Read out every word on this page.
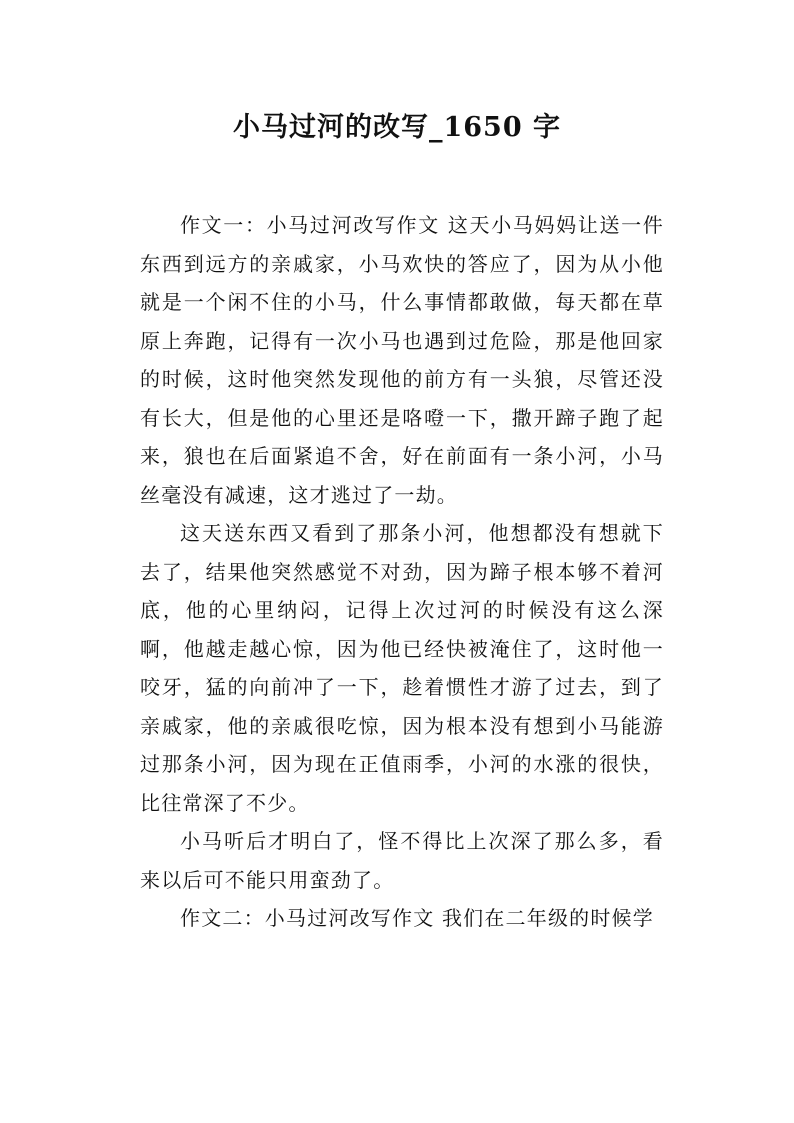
小马过河的改写_1650 字

作文一：小马过河改写作文 这天小马妈妈让送一件东西到远方的亲戚家，小马欢快的答应了，因为从小他就是一个闲不住的小马，什么事情都敢做，每天都在草原上奔跑，记得有一次小马也遇到过危险，那是他回家的时候，这时他突然发现他的前方有一头狼，尽管还没有长大，但是他的心里还是咯噔一下，撒开蹄子跑了起来，狼也在后面紧追不舍，好在前面有一条小河，小马丝毫没有减速，这才逃过了一劫。

这天送东西又看到了那条小河，他想都没有想就下去了，结果他突然感觉不对劲，因为蹄子根本够不着河底，他的心里纳闷，记得上次过河的时候没有这么深啊，他越走越心惊，因为他已经快被淹住了，这时他一咬牙，猛的向前冲了一下，趁着惯性才游了过去，到了亲戚家，他的亲戚很吃惊，因为根本没有想到小马能游过那条小河，因为现在正值雨季，小河的水涨的很快，比往常深了不少。

小马听后才明白了，怪不得比上次深了那么多，看来以后可不能只用蛮劲了。

作文二：小马过河改写作文 我们在二年级的时候学
